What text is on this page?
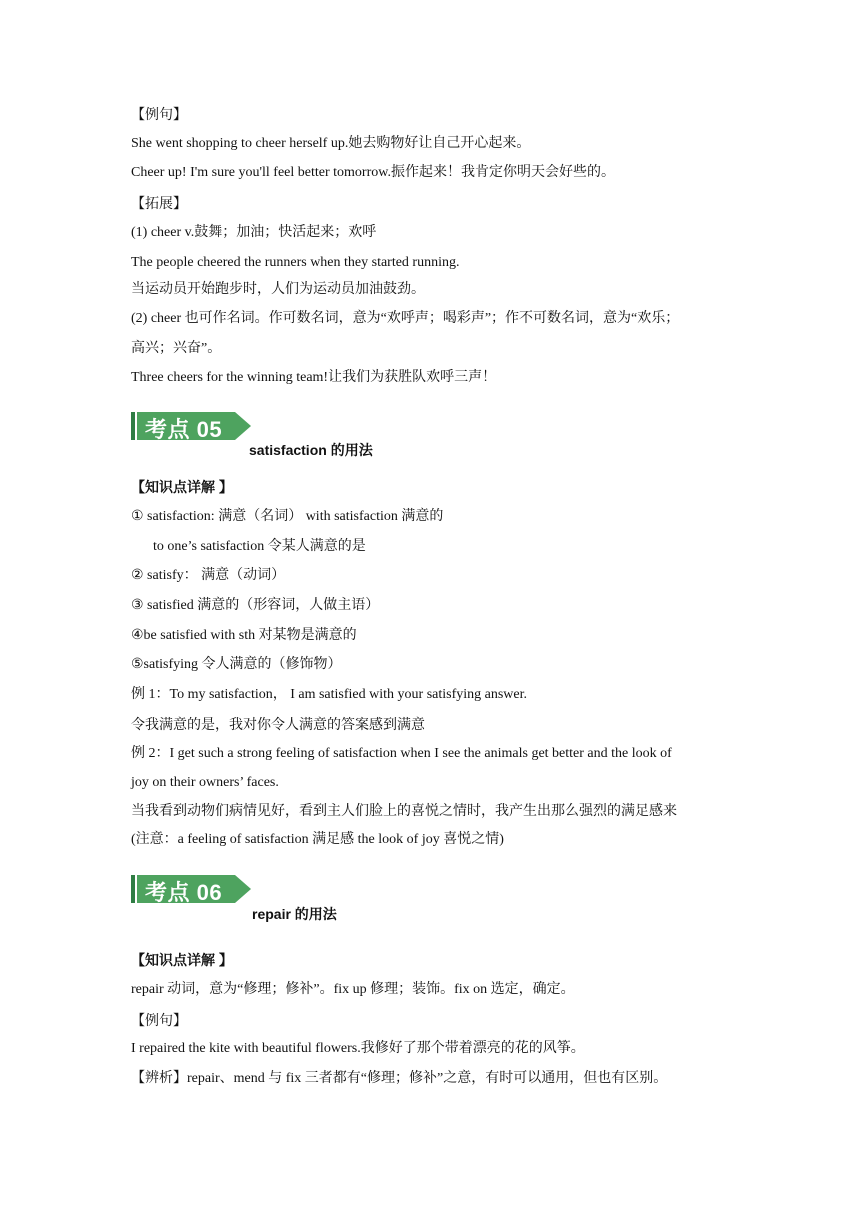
【例句】
She went shopping to cheer herself up.她去购物好让自己开心起来。
Cheer up! I'm sure you'll feel better tomorrow.振作起来！我肯定你明天会好些的。
【拓展】
(1) cheer v.鼓舞；加油；快活起来；欢呼
The people cheered the runners when they started running.
当运动员开始跑步时，人们为运动员加油鼓劲。
(2) cheer 也可作名词。作可数名词，意为“欢呼声；喝彩声”；作不可数名词，意为“欢乐；
高兴；兴奋”。
Three cheers for the winning team!让我们为获胜队欢呼三声！
考点 05
satisfaction 的用法
【知识点详解 】
① satisfaction: 满意（名词） with satisfaction 满意的
to one’s satisfaction 令某人满意的是
② satisfy： 满意（动词）
③ satisfied 满意的（形容词，人做主语）
④be satisfied with sth 对某物是满意的
⑤satisfying 令人满意的（修饰物）
例 1：To my satisfaction， I am satisfied with your satisfying answer.
令我满意的是，我对你令人满意的答案感到满意
例 2：I get such a strong feeling of satisfaction when I see the animals get better and the look of
joy on their owners’ faces.
当我看到动物们病情见好，看到主人们脸上的喜悦之情时，我产生出那么强烈的满足感来
(注意：a feeling of satisfaction 满足感 the look of joy 喜悦之情)
考点 06
repair 的用法
【知识点详解 】
repair 动词，意为“修理；修补”。fix up 修理；装饰。fix on 选定，确定。
【例句】
I repaired the kite with beautiful flowers.我修好了那个带着漂亮的花的风筝。
【辨析】repair、mend 与 fix 三者都有“修理；修补”之意，有时可以通用，但也有区别。
